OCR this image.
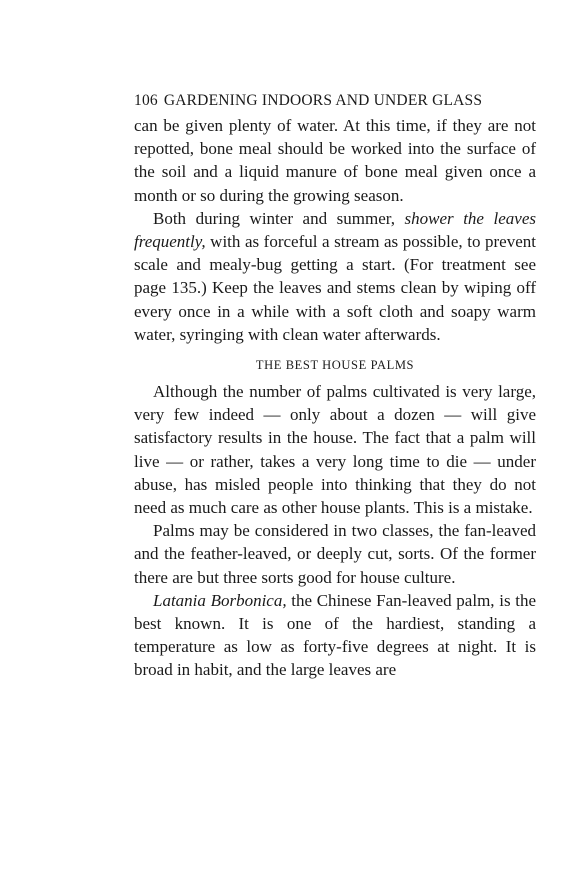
106 GARDENING INDOORS AND UNDER GLASS

can be given plenty of water. At this time, if they are not repotted, bone meal should be worked into the surface of the soil and a liquid manure of bone meal given once a month or so during the growing season.

Both during winter and summer, shower the leaves frequently, with as forceful a stream as possible, to prevent scale and mealy-bug getting a start. (For treatment see page 135.) Keep the leaves and stems clean by wiping off every once in a while with a soft cloth and soapy warm water, syringing with clean water afterwards.

THE BEST HOUSE PALMS

Although the number of palms cultivated is very large, very few indeed — only about a dozen — will give satisfactory results in the house. The fact that a palm will live — or rather, takes a very long time to die — under abuse, has misled people into thinking that they do not need as much care as other house plants. This is a mistake.

Palms may be considered in two classes, the fan-leaved and the feather-leaved, or deeply cut, sorts. Of the former there are but three sorts good for house culture.

Latania Borbonica, the Chinese Fan-leaved palm, is the best known. It is one of the hardiest, standing a temperature as low as forty-five degrees at night. It is broad in habit, and the large leaves are
